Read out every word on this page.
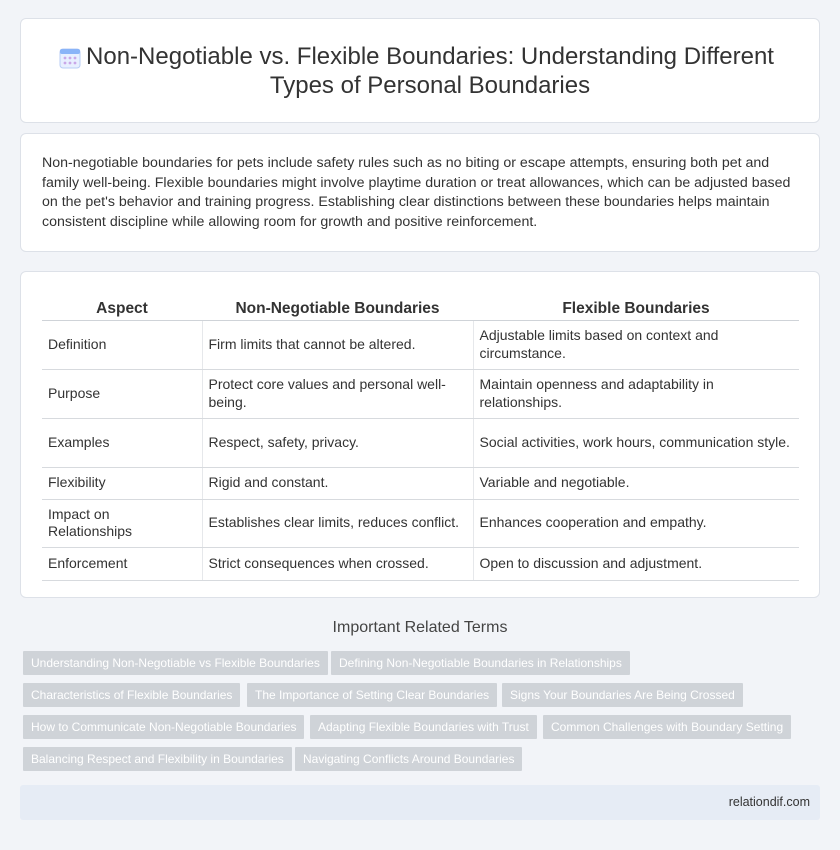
Non-Negotiable vs. Flexible Boundaries: Understanding Different Types of Personal Boundaries

Non-negotiable boundaries for pets include safety rules such as no biting or escape attempts, ensuring both pet and family well-being. Flexible boundaries might involve playtime duration or treat allowances, which can be adjusted based on the pet's behavior and training progress. Establishing clear distinctions between these boundaries helps maintain consistent discipline while allowing room for growth and positive reinforcement.

Aspect	Non-Negotiable Boundaries	Flexible Boundaries
Definition	Firm limits that cannot be altered.	Adjustable limits based on context and circumstance.
Purpose	Protect core values and personal well-being.	Maintain openness and adaptability in relationships.
Examples	Respect, safety, privacy.	Social activities, work hours, communication style.
Flexibility	Rigid and constant.	Variable and negotiable.
Impact on Relationships	Establishes clear limits, reduces conflict.	Enhances cooperation and empathy.
Enforcement	Strict consequences when crossed.	Open to discussion and adjustment.
Important Related Terms
Understanding Non-Negotiable vs Flexible Boundaries	Defining Non-Negotiable Boundaries in Relationships
Characteristics of Flexible Boundaries	The Importance of Setting Clear Boundaries	Signs Your Boundaries Are Being Crossed
How to Communicate Non-Negotiable Boundaries	Adapting Flexible Boundaries with Trust	Common Challenges with Boundary Setting
Balancing Respect and Flexibility in Boundaries	Navigating Conflicts Around Boundaries
relationdif.com
